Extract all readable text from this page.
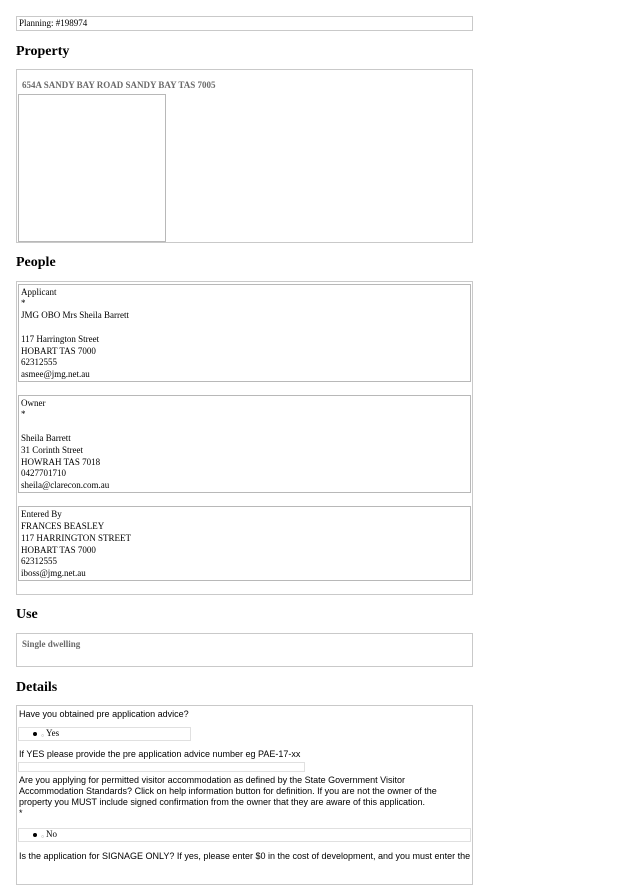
Planning: #198974
Property
654A SANDY BAY ROAD SANDY BAY TAS 7005
People
Applicant
*
JMG OBO Mrs Sheila Barrett
117 Harrington Street
HOBART TAS 7000
62312555
asmee@jmg.net.au
Owner
*
Sheila Barrett
31 Corinth Street
HOWRAH TAS 7018
0427701710
sheila@clarecon.com.au
Entered By
FRANCES BEASLEY
117 HARRINGTON STREET
HOBART TAS 7000
62312555
iboss@jmg.net.au
Use
Single dwelling
Details
Have you obtained pre application advice?
○ Yes
If YES please provide the pre application advice number eg PAE-17-xx
Are you applying for permitted visitor accommodation as defined by the State Government Visitor
Accommodation Standards? Click on help information button for definition. If you are not the owner of the
property you MUST include signed confirmation from the owner that they are aware of this application.
*
○ No
Is the application for SIGNAGE ONLY? If yes, please enter $0 in the cost of development, and you must enter the
